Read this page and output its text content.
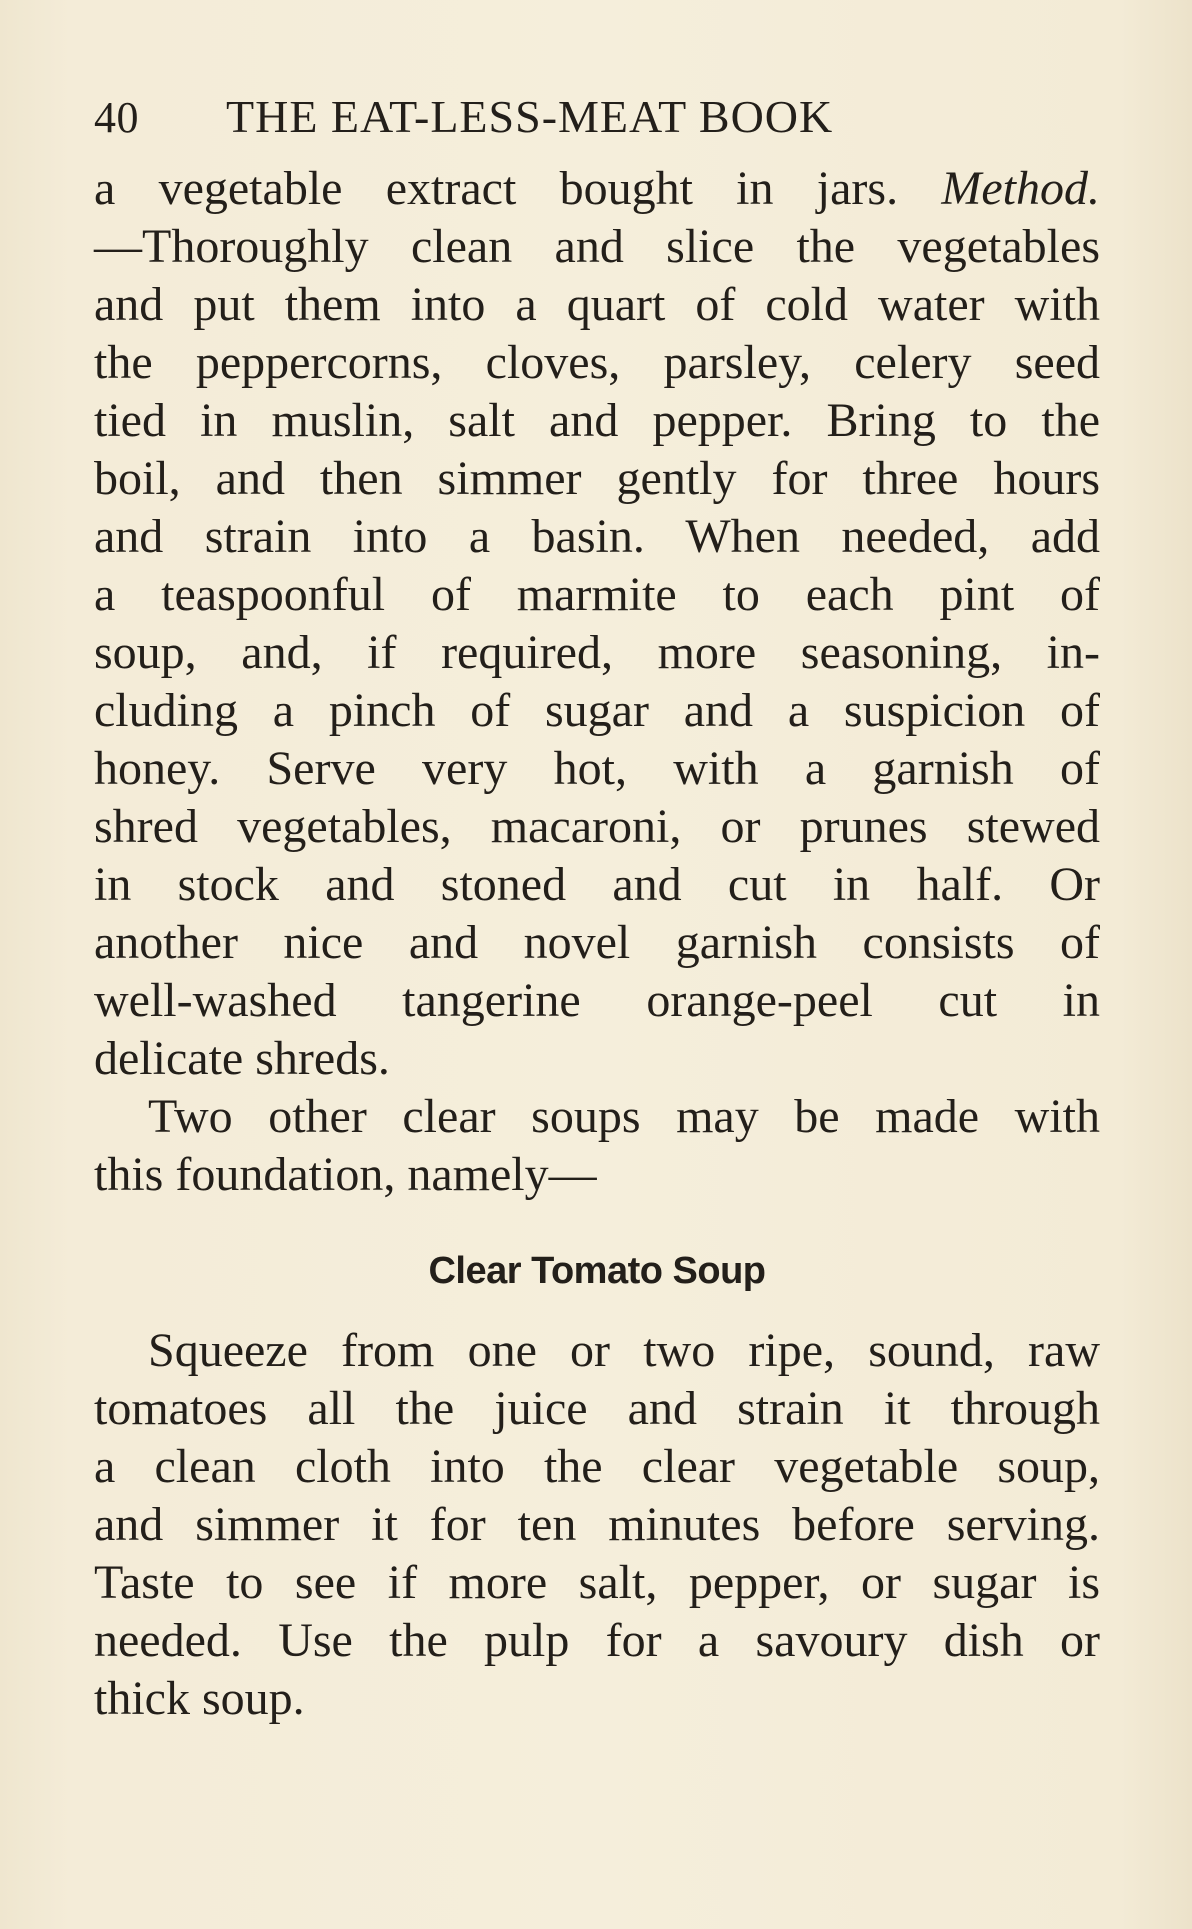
40	THE EAT-LESS-MEAT BOOK
a vegetable extract bought in jars. Method.
—Thoroughly clean and slice the vegetables
and put them into a quart of cold water with
the peppercorns, cloves, parsley, celery seed
tied in muslin, salt and pepper. Bring to the
boil, and then simmer gently for three hours
and strain into a basin. When needed, add
a teaspoonful of marmite to each pint of
soup, and, if required, more seasoning, in-
cluding a pinch of sugar and a suspicion of
honey. Serve very hot, with a garnish of
shred vegetables, macaroni, or prunes stewed
in stock and stoned and cut in half. Or
another nice and novel garnish consists of
well-washed tangerine orange-peel cut in
delicate shreds.
Two other clear soups may be made with
this foundation, namely—
Clear Tomato Soup
Squeeze from one or two ripe, sound, raw
tomatoes all the juice and strain it through
a clean cloth into the clear vegetable soup,
and simmer it for ten minutes before serving.
Taste to see if more salt, pepper, or sugar is
needed. Use the pulp for a savoury dish or
thick soup.
